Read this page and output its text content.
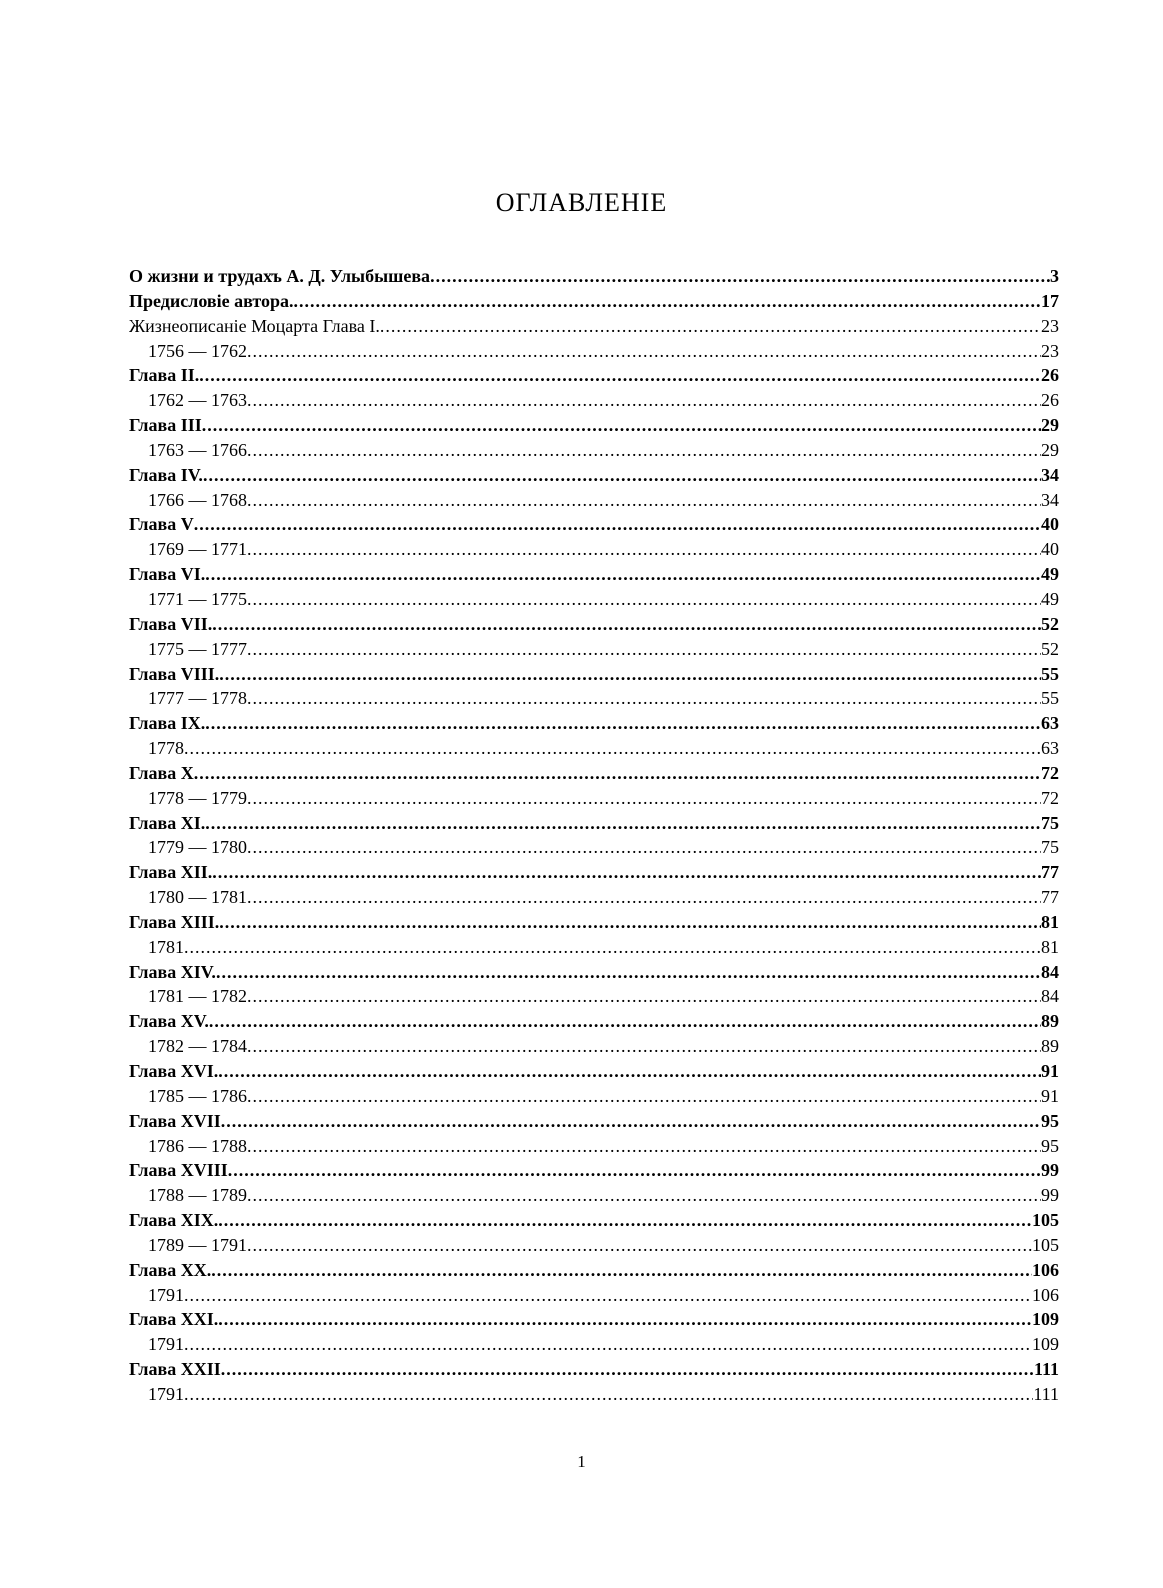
ОГЛАВЛЕНIЕ
О жизни и трудахъ А. Д. Улыбышева .....	3
Предисловiе автора. .....	17
Жизнеописанiе Моцарта Глава I. .....	23
1756 — 1762 .....	23
Глава II. .....	26
1762 — 1763 .....	26
Глава III .....	29
1763 — 1766 .....	29
Глава IV. .....	34
1766 — 1768 .....	34
Глава V .....	40
1769 — 1771 .....	40
Глава VI. .....	49
1771 — 1775 .....	49
Глава VII. .....	52
1775 — 1777 .....	52
Глава VIII. .....	55
1777 — 1778 .....	55
Глава IX. .....	63
1778 .....	63
Глава X .....	72
1778 — 1779 .....	72
Глава XI. .....	75
1779 — 1780 .....	75
Глава XII. .....	77
1780 — 1781 .....	77
Глава XIII. .....	81
1781 .....	81
Глава XIV. .....	84
1781 — 1782 .....	84
Глава XV. .....	89
1782 — 1784 .....	89
Глава XVI. .....	91
1785 — 1786 .....	91
Глава XVII .....	95
1786 — 1788 .....	95
Глава XVIII .....	99
1788 — 1789 .....	99
Глава XIX. .....	105
1789 — 1791 .....	105
Глава XX. .....	106
1791 .....	106
Глава XXI. .....	109
1791 .....	109
Глава XXII .....	111
1791 .....	111
1
